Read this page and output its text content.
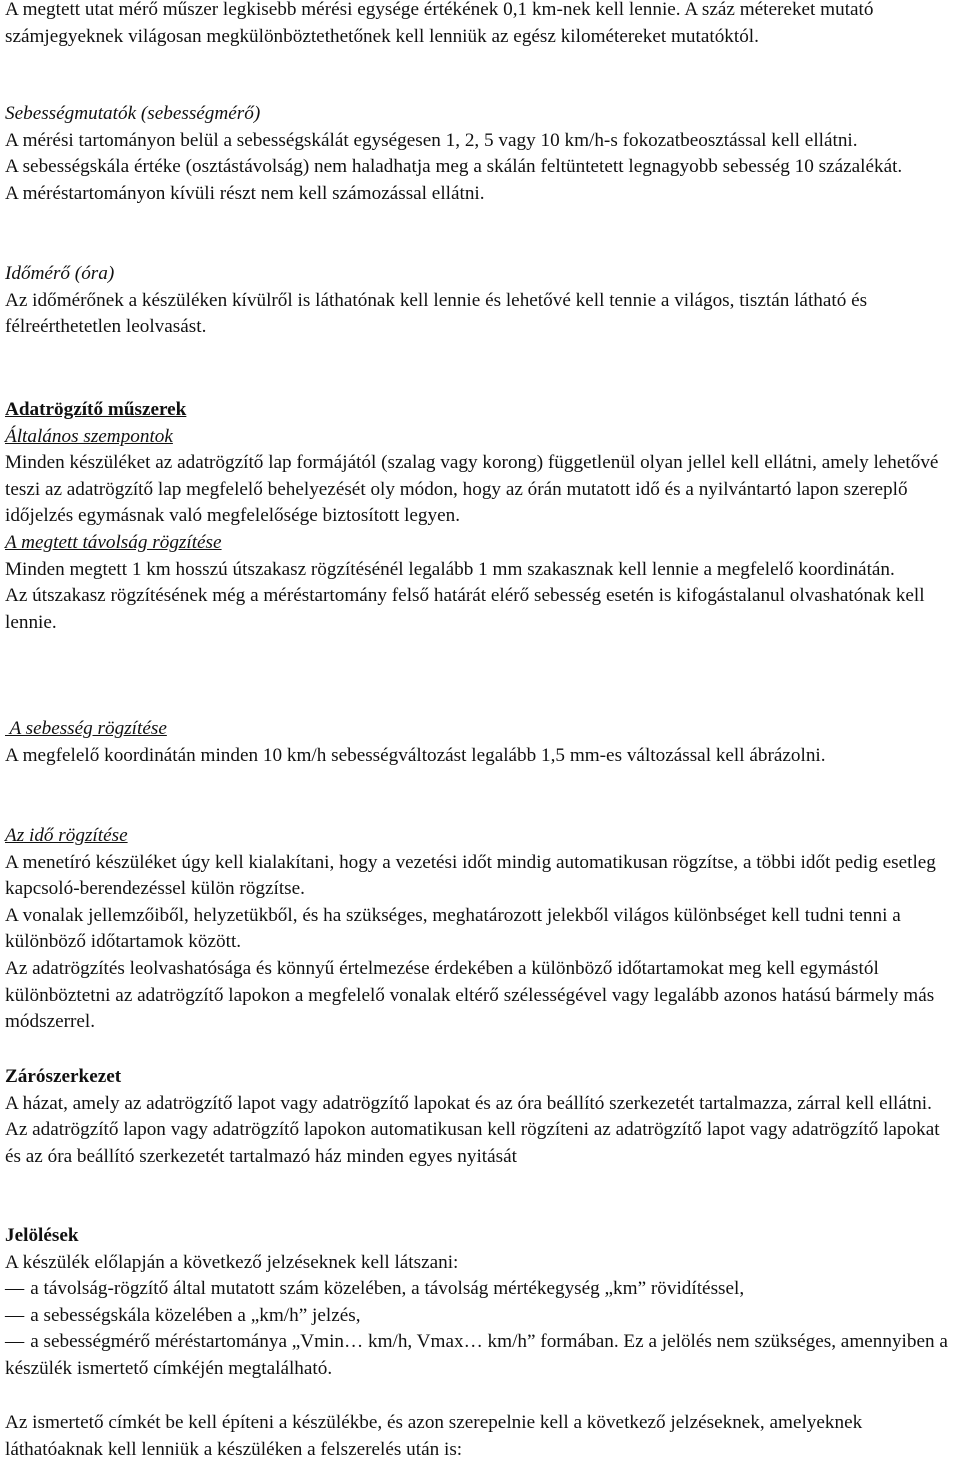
A megtett utat mérő műszer legkisebb mérési egysége értékének 0,1 km-nek kell lennie. A száz métereket mutató számjegyeknek világosan megkülönböztethetőnek kell lenniük az egész kilométereket mutatóktól.

Sebességmutatók (sebességmérő)

A mérési tartományon belül a sebességskálát egységesen 1, 2, 5 vagy 10 km/h-s fokozatbeosztással kell ellátni.

A sebességskála értéke (osztástávolság) nem haladhatja meg a skálán feltüntetett legnagyobb sebesség 10 százalékát.

A méréstartományon kívüli részt nem kell számozással ellátni.

Időmérő (óra)

Az időmérőnek a készüléken kívülről is láthatónak kell lennie és lehetővé kell tennie a világos, tisztán látható és félreérthetetlen leolvasást.

Adatrögzítő műszerek

Általános szempontok

Minden készüléket az adatrögzítő lap formájától (szalag vagy korong) függetlenül olyan jellel kell ellátni, amely lehetővé teszi az adatrögzítő lap megfelelő behelyezését oly módon, hogy az órán mutatott idő és a nyilvántartó lapon szereplő időjelzés egymásnak való megfelelősége biztosított legyen.

A megtett távolság rögzítése

Minden megtett 1 km hosszú útszakasz rögzítésénél legalább 1 mm szakasznak kell lennie a megfelelő koordinátán.

Az útszakasz rögzítésének még a méréstartomány felső határát elérő sebesség esetén is kifogástalanul olvashatónak kell lennie.

A sebesség rögzítése

A megfelelő koordinátán minden 10 km/h sebességváltozást legalább 1,5 mm-es változással kell ábrázolni.

Az idő rögzítése

A menetíró készüléket úgy kell kialakítani, hogy a vezetési időt mindig automatikusan rögzítse, a többi időt pedig esetleg kapcsoló-berendezéssel külön rögzítse.

A vonalak jellemzőiből, helyzetükből, és ha szükséges, meghatározott jelekből világos különbséget kell tudni tenni a különböző időtartamok között.

Az adatrögzítés leolvashatósága és könnyű értelmezése érdekében a különböző időtartamokat meg kell egymástól különböztetni az adatrögzítő lapokon a megfelelő vonalak eltérő szélességével vagy legalább azonos hatású bármely más módszerrel.

Zárószerkezet

A házat, amely az adatrögzítő lapot vagy adatrögzítő lapokat és az óra beállító szerkezetét tartalmazza, zárral kell ellátni.

Az adatrögzítő lapon vagy adatrögzítő lapokon automatikusan kell rögzíteni az adatrögzítő lapot vagy adatrögzítő lapokat és az óra beállító szerkezetét tartalmazó ház minden egyes nyitását

Jelölések

A készülék előlapján a következő jelzéseknek kell látszani:

— a távolság-rögzítő által mutatott szám közelében, a távolság mértékegység „km” rövidítéssel,

— a sebességskála közelében a „km/h” jelzés,

— a sebességmérő méréstartománya „Vmin… km/h, Vmax… km/h” formában. Ez a jelölés nem szükséges, amennyiben a készülék ismertető címkéjén megtalálható.

Az ismertető címkét be kell építeni a készülékbe, és azon szerepelnie kell a következő jelzéseknek, amelyeknek láthatóaknak kell lenniük a készüléken a felszerelés után is:
